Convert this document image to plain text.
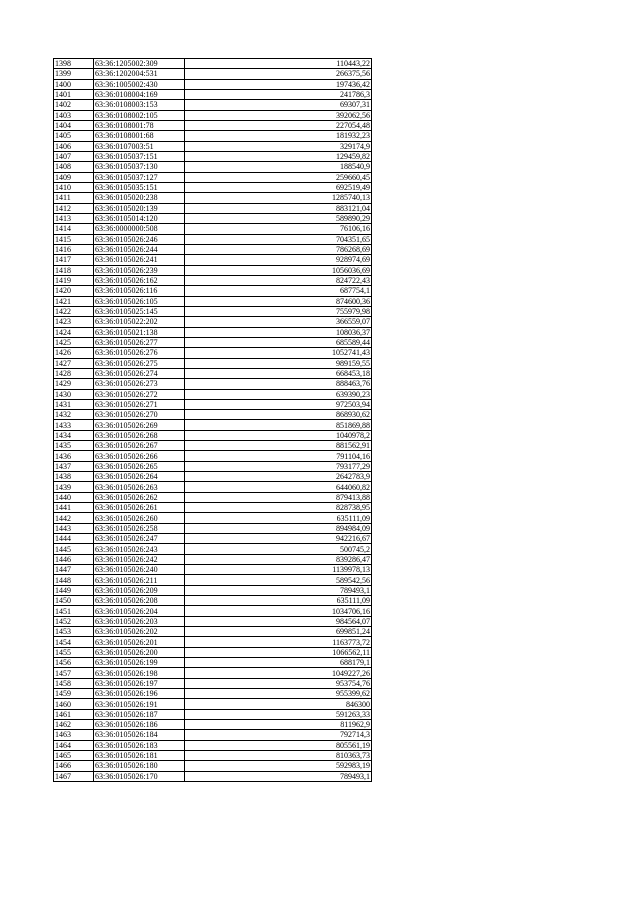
1398	63:36:1205002:309	110443,22
1399	63:36:1202004:531	266375,56
1400	63:36:1005002:430	197436,42
1401	63:36:0108004:169	241786,3
1402	63:36:0108003:153	69307,31
1403	63:36:0108002:105	392062,56
1404	63:36:0108001:78	227054,48
1405	63:36:0108001:68	181932,23
1406	63:36:0107003:51	329174,9
1407	63:36:0105037:151	129459,82
1408	63:36:0105037:130	188540,9
1409	63:36:0105037:127	259660,45
1410	63:36:0105035:151	692519,49
1411	63:36:0105020:238	1285740,13
1412	63:36:0105020:139	883121,04
1413	63:36:0105014:120	589890,29
1414	63:36:0000000:508	76106,16
1415	63:36:0105026:246	704351,65
1416	63:36:0105026:244	786268,69
1417	63:36:0105026:241	928974,69
1418	63:36:0105026:239	1056036,69
1419	63:36:0105026:162	824722,43
1420	63:36:0105026:116	687754,1
1421	63:36:0105026:105	874600,36
1422	63:36:0105025:145	755979,98
1423	63:36:0105022:202	366559,07
1424	63:36:0105021:138	108036,37
1425	63:36:0105026:277	685589,44
1426	63:36:0105026:276	1052741,43
1427	63:36:0105026:275	989159,55
1428	63:36:0105026:274	668453,18
1429	63:36:0105026:273	888463,76
1430	63:36:0105026:272	639390,23
1431	63:36:0105026:271	972503,94
1432	63:36:0105026:270	868930,62
1433	63:36:0105026:269	851869,88
1434	63:36:0105026:268	1040978,2
1435	63:36:0105026:267	881562,91
1436	63:36:0105026:266	791104,16
1437	63:36:0105026:265	793177,29
1438	63:36:0105026:264	2642783,9
1439	63:36:0105026:263	644060,82
1440	63:36:0105026:262	879413,88
1441	63:36:0105026:261	828738,95
1442	63:36:0105026:260	635111,09
1443	63:36:0105026:258	894984,09
1444	63:36:0105026:247	942216,67
1445	63:36:0105026:243	500745,2
1446	63:36:0105026:242	839286,47
1447	63:36:0105026:240	1139978,13
1448	63:36:0105026:211	589542,56
1449	63:36:0105026:209	789493,1
1450	63:36:0105026:208	635111,09
1451	63:36:0105026:204	1034706,16
1452	63:36:0105026:203	984564,07
1453	63:36:0105026:202	699851,24
1454	63:36:0105026:201	1163773,72
1455	63:36:0105026:200	1066562,11
1456	63:36:0105026:199	688179,1
1457	63:36:0105026:198	1049227,26
1458	63:36:0105026:197	953754,76
1459	63:36:0105026:196	955399,62
1460	63:36:0105026:191	846300
1461	63:36:0105026:187	591263,33
1462	63:36:0105026:186	811962,9
1463	63:36:0105026:184	792714,3
1464	63:36:0105026:183	805561,19
1465	63:36:0105026:181	810363,73
1466	63:36:0105026:180	592983,19
1467	63:36:0105026:170	789493,1
